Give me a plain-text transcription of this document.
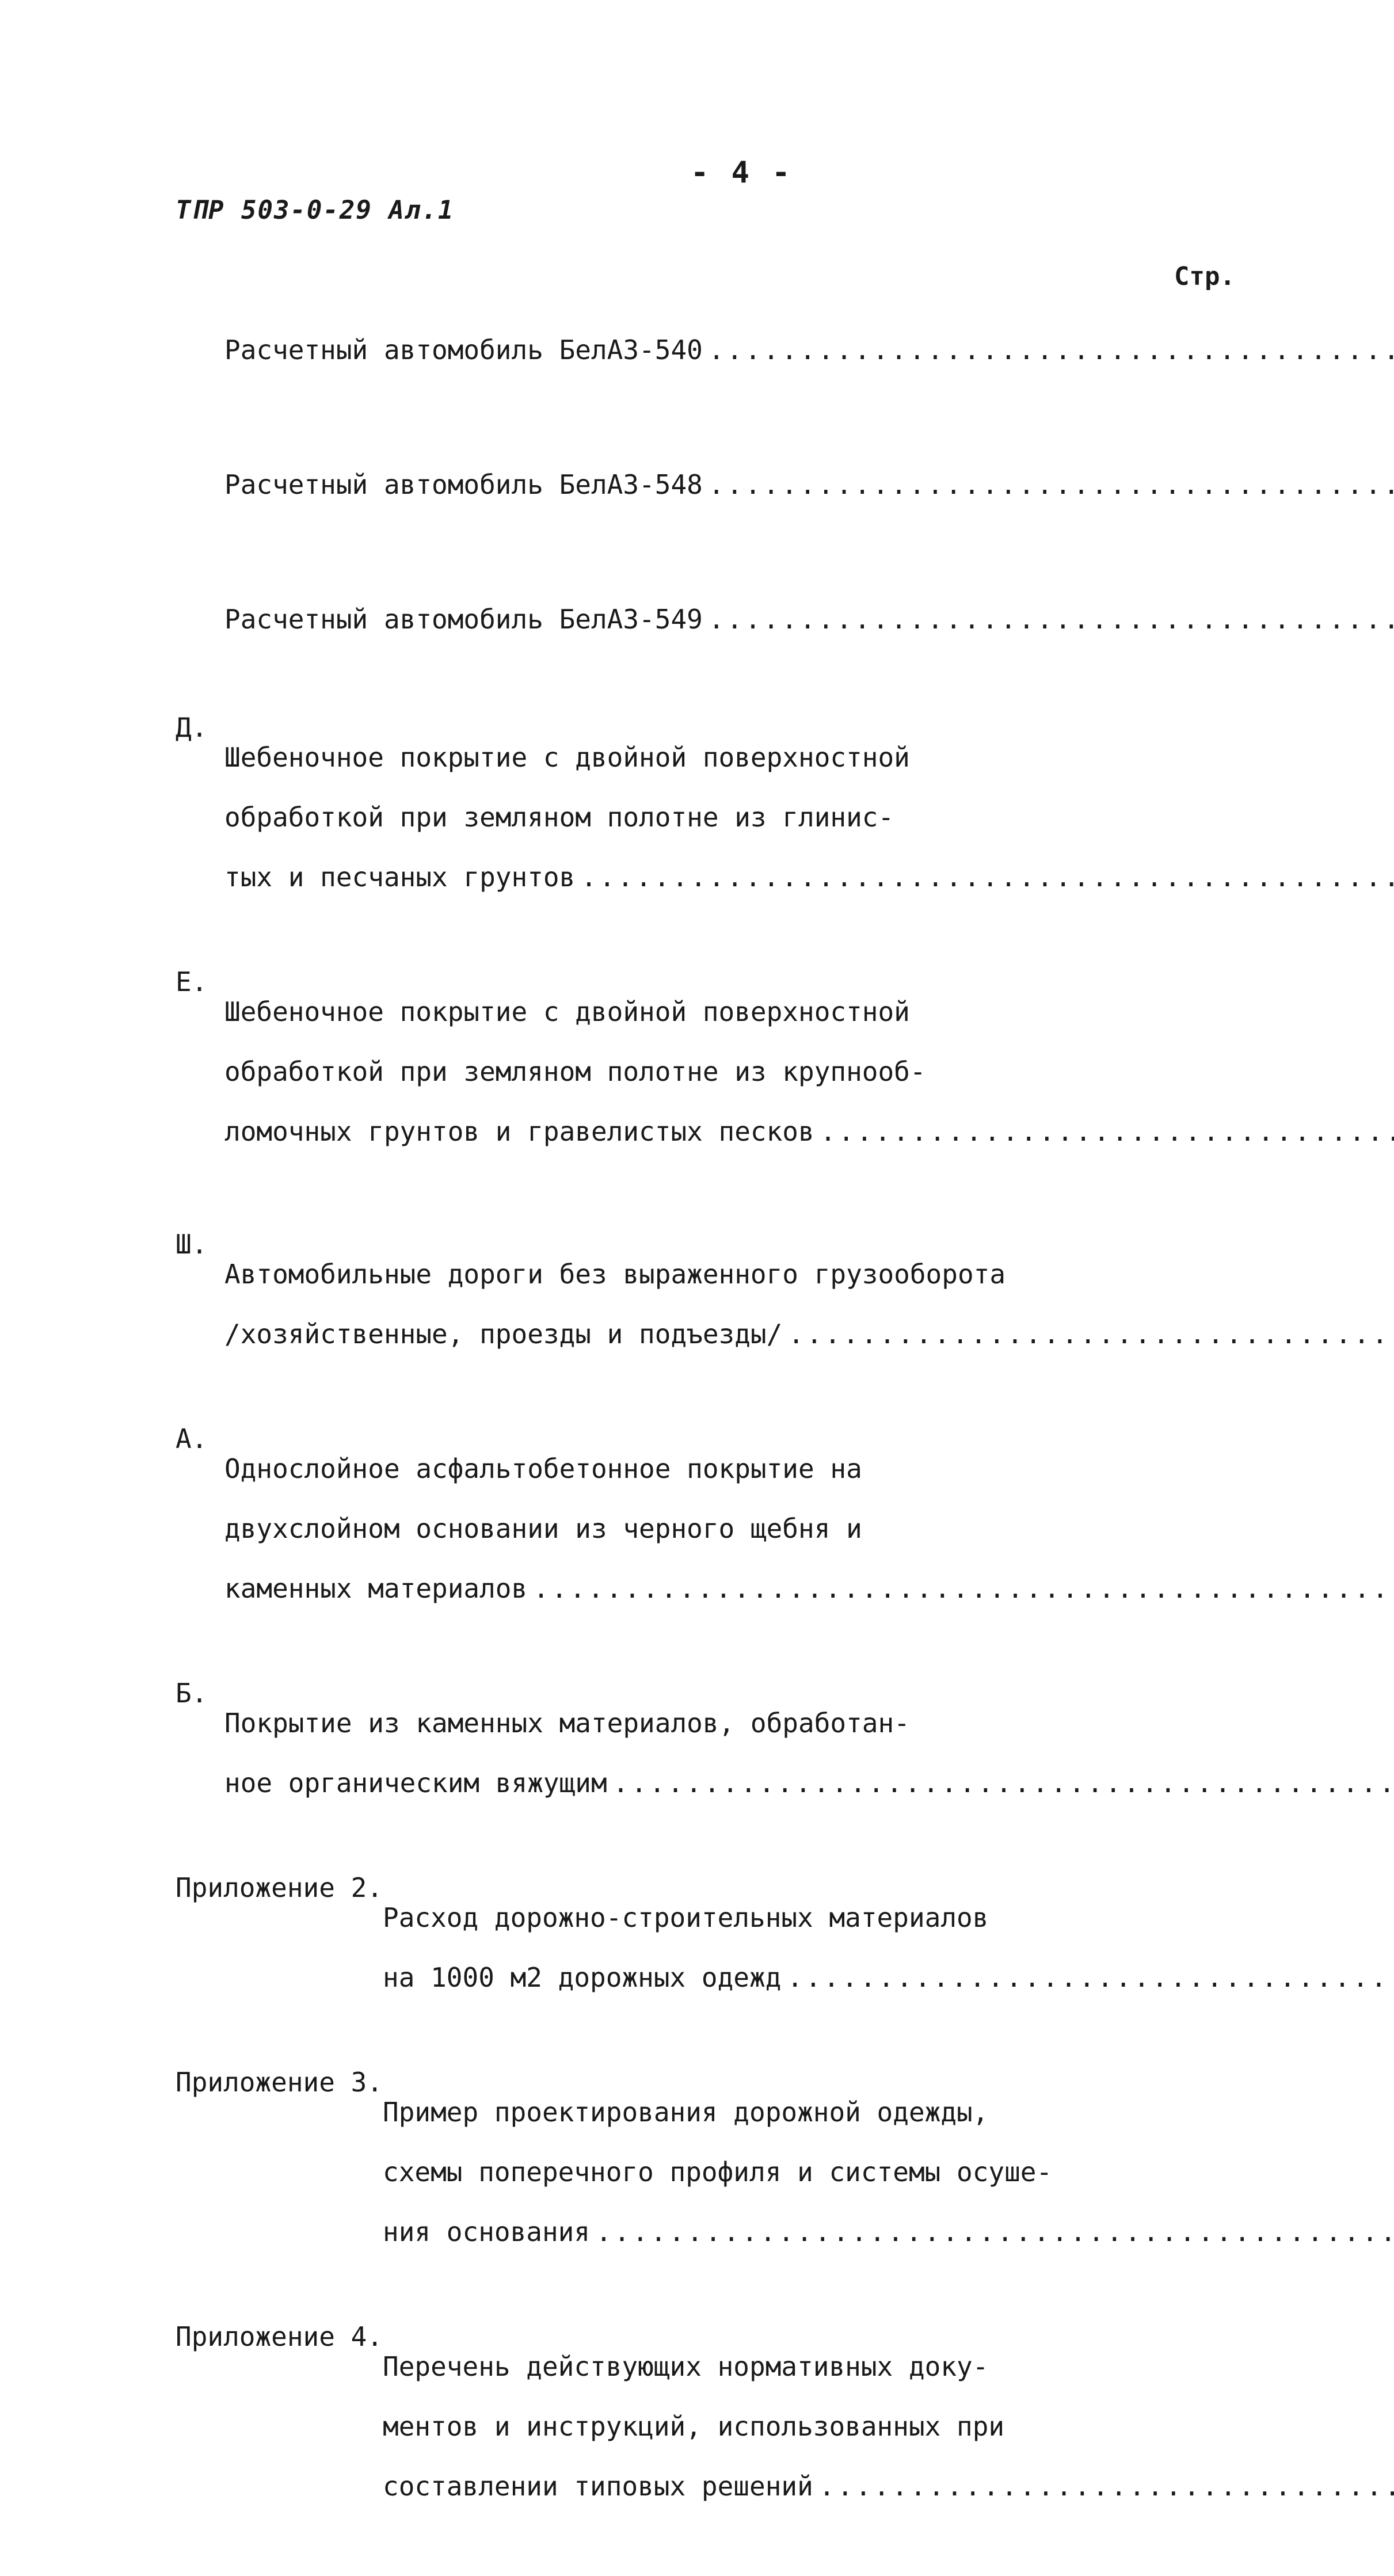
- 4 -
ТПР 503-0-29 Ал.1
Стр.

Расчетный автомобиль БелАЗ-540
.....

Расчетный автомобиль БелАЗ-548
.....

Расчетный автомобиль БелАЗ-549
.....

Д.

Шебеночное покрытие с двойной поверхностной

обработкой при земляном полотне из глинис-

тых и песчаных грунтов
.....

Е.

Шебеночное покрытие с двойной поверхностной

обработкой при земляном полотне из крупнооб-

ломочных грунтов и гравелистых песков
.....

Ш.

Автомобильные дороги без выраженного грузооборота

/хозяйственные, проезды и подъезды/
.....

А.

Однослойное асфальтобетонное покрытие на

двухслойном основании из черного щебня и

каменных материалов
.....

Б.

Покрытие из каменных материалов, обработан-

ное органическим вяжущим
.....

Приложение 2.

Расход дорожно-строительных материалов

на 1000 м2 дорожных одежд
.....

Приложение 3.

Пример проектирования дорожной одежды,

схемы поперечного профиля и системы осуше-

ния основания
.....

Приложение 4.

Перечень действующих нормативных доку-

ментов и инструкций, использованных при

составлении типовых решений
.....
